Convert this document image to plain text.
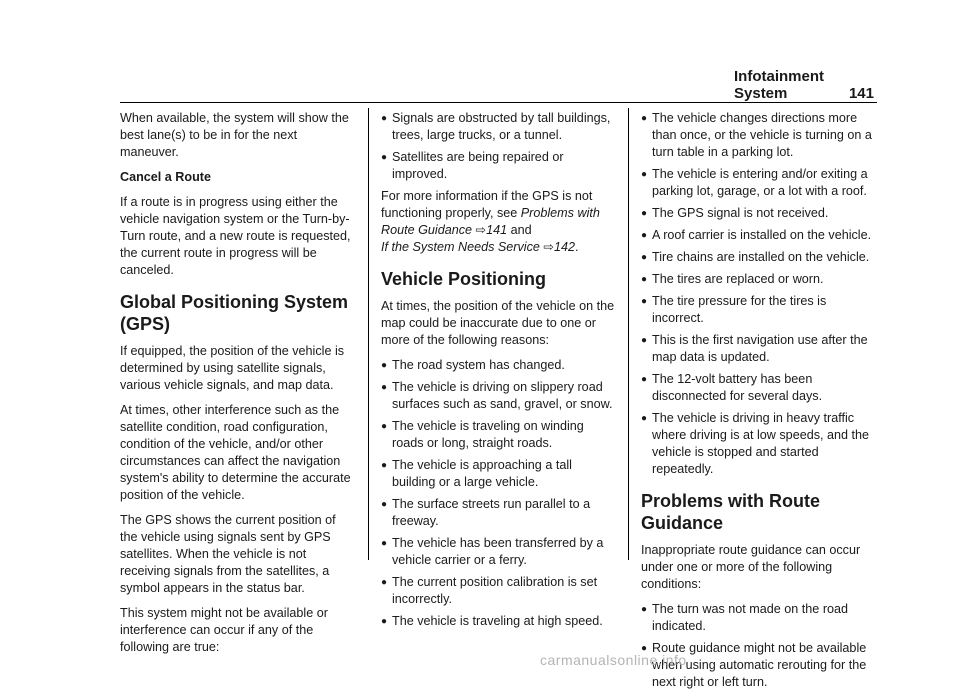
Infotainment System	141

When available, the system will show the best lane(s) to be in for the next maneuver.

Cancel a Route

If a route is in progress using either the vehicle navigation system or the Turn-by-Turn route, and a new route is requested, the current route in progress will be canceled.

Global Positioning System (GPS)

If equipped, the position of the vehicle is determined by using satellite signals, various vehicle signals, and map data.

At times, other interference such as the satellite condition, road configuration, condition of the vehicle, and/or other circumstances can affect the navigation system's ability to determine the accurate position of the vehicle.

The GPS shows the current position of the vehicle using signals sent by GPS satellites. When the vehicle is not receiving signals from the satellites, a symbol appears in the status bar.

This system might not be available or interference can occur if any of the following are true:

● Signals are obstructed by tall buildings, trees, large trucks, or a tunnel.
● Satellites are being repaired or improved.

For more information if the GPS is not functioning properly, see Problems with Route Guidance ⇨141 and
If the System Needs Service ⇨142.

Vehicle Positioning

At times, the position of the vehicle on the map could be inaccurate due to one or more of the following reasons:

● The road system has changed.
● The vehicle is driving on slippery road surfaces such as sand, gravel, or snow.
● The vehicle is traveling on winding roads or long, straight roads.
● The vehicle is approaching a tall building or a large vehicle.
● The surface streets run parallel to a freeway.
● The vehicle has been transferred by a vehicle carrier or a ferry.
● The current position calibration is set incorrectly.
● The vehicle is traveling at high speed.
● The vehicle changes directions more than once, or the vehicle is turning on a turn table in a parking lot.
● The vehicle is entering and/or exiting a parking lot, garage, or a lot with a roof.
● The GPS signal is not received.
● A roof carrier is installed on the vehicle.
● Tire chains are installed on the vehicle.
● The tires are replaced or worn.
● The tire pressure for the tires is incorrect.
● This is the first navigation use after the map data is updated.
● The 12-volt battery has been disconnected for several days.
● The vehicle is driving in heavy traffic where driving is at low speeds, and the vehicle is stopped and started repeatedly.
Problems with Route Guidance

Inappropriate route guidance can occur under one or more of the following conditions:

● The turn was not made on the road indicated.
● Route guidance might not be available when using automatic rerouting for the next right or left turn.
carmanualsonline.info
